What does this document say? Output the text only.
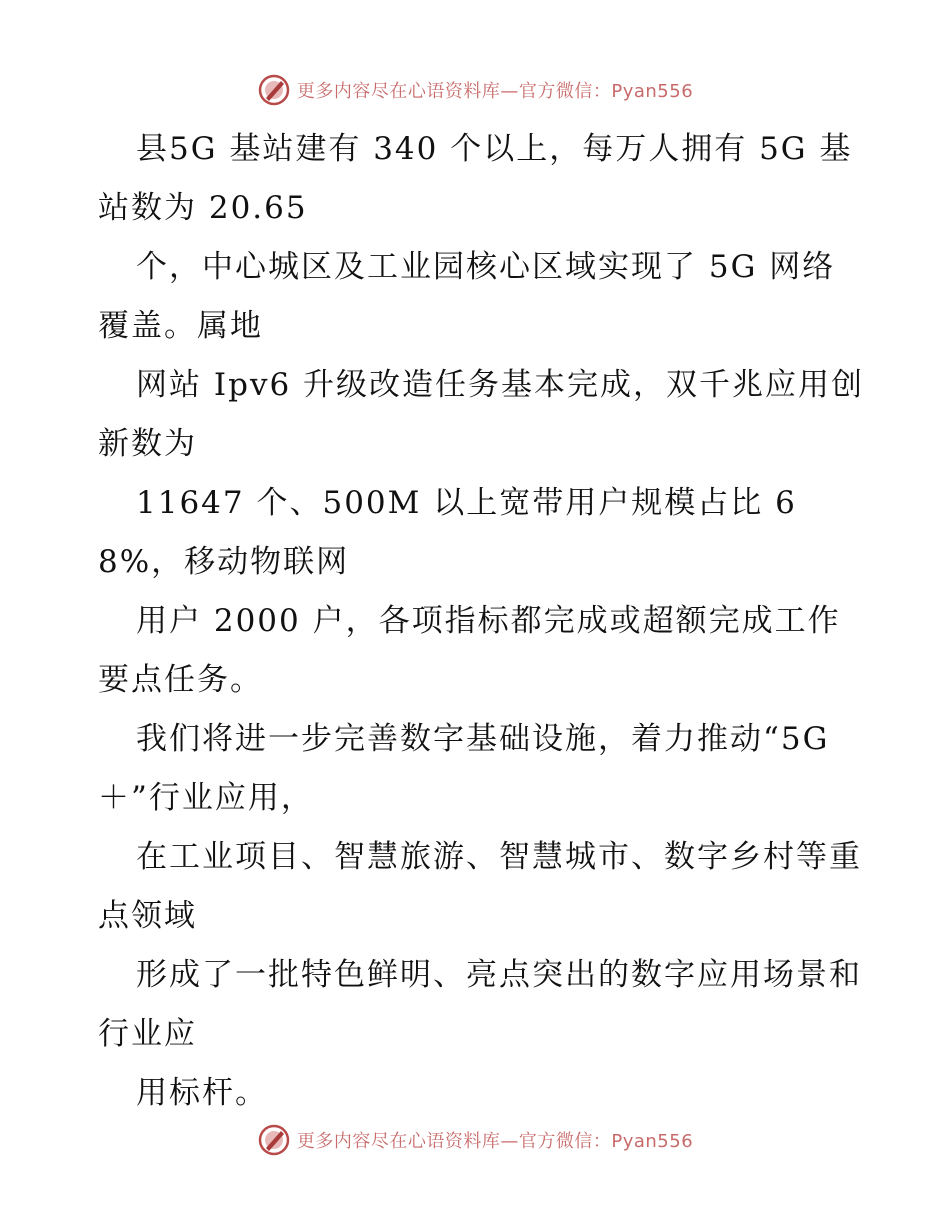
更多内容尽在心语资料库—官方微信：Pyan556

县5G 基站建有 340 个以上，每万人拥有 5G 基站数为 20.65

个，中心城区及工业园核心区域实现了 5G 网络覆盖。属地

网站 Ipv6 升级改造任务基本完成，双千兆应用创新数为

11647 个、500M 以上宽带用户规模占比 68%，移动物联网

用户 2000 户，各项指标都完成或超额完成工作要点任务。

我们将进一步完善数字基础设施，着力推动“5G＋”行业应用，

在工业项目、智慧旅游、智慧城市、数字乡村等重点领域

形成了一批特色鲜明、亮点突出的数字应用场景和行业应

用标杆。

更多内容尽在心语资料库—官方微信：Pyan556
